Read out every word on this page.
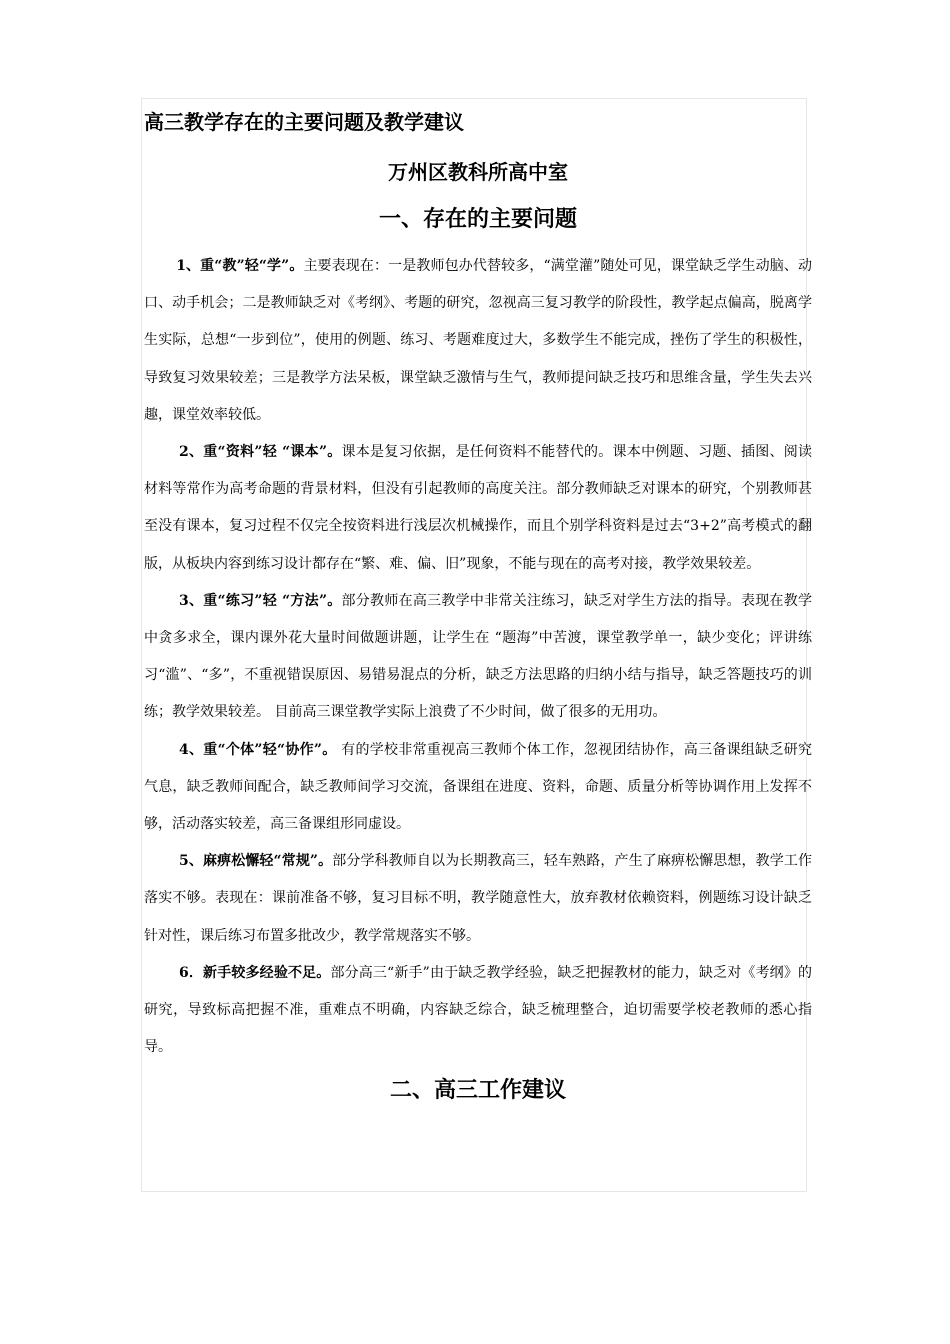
高三教学存在的主要问题及教学建议
万州区教科所高中室
一、存在的主要问题

1、重“教”轻“学”。主要表现在：一是教师包办代替较多，“满堂灌”随处可见，课堂缺乏学生动脑、动口、动手机会；二是教师缺乏对《考纲》、考题的研究，忽视高三复习教学的阶段性，教学起点偏高，脱离学生实际，总想“一步到位”，使用的例题、练习、考题难度过大，多数学生不能完成，挫伤了学生的积极性，导致复习效果较差；三是教学方法呆板，课堂缺乏激情与生气，教师提问缺乏技巧和思维含量，学生失去兴趣，课堂效率较低。

2、重“资料”轻 “课本”。课本是复习依据，是任何资料不能替代的。课本中例题、习题、插图、阅读材料等常作为高考命题的背景材料，但没有引起教师的高度关注。部分教师缺乏对课本的研究，个别教师甚至没有课本，复习过程不仅完全按资料进行浅层次机械操作，而且个别学科资料是过去“3+2”高考模式的翻版，从板块内容到练习设计都存在“繁、难、偏、旧”现象，不能与现在的高考对接，教学效果较差。

3、重“练习”轻 “方法”。部分教师在高三教学中非常关注练习，缺乏对学生方法的指导。表现在教学中贪多求全，课内课外花大量时间做题讲题，让学生在 “题海”中苦渡，课堂教学单一，缺少变化；评讲练习“滥”、“多”，不重视错误原因、易错易混点的分析，缺乏方法思路的归纳小结与指导，缺乏答题技巧的训练；教学效果较差。 目前高三课堂教学实际上浪费了不少时间，做了很多的无用功。

4、重“个体”轻“协作”。 有的学校非常重视高三教师个体工作，忽视团结协作，高三备课组缺乏研究气息，缺乏教师间配合，缺乏教师间学习交流，备课组在进度、资料，命题、质量分析等协调作用上发挥不够，活动落实较差，高三备课组形同虚设。

5、麻痹松懈轻“常规”。部分学科教师自以为长期教高三，轻车熟路，产生了麻痹松懈思想，教学工作落实不够。表现在：课前准备不够，复习目标不明，教学随意性大，放弃教材依赖资料，例题练习设计缺乏针对性，课后练习布置多批改少，教学常规落实不够。

6．新手较多经验不足。部分高三“新手”由于缺乏教学经验，缺乏把握教材的能力，缺乏对《考纲》的研究，导致标高把握不准，重难点不明确，内容缺乏综合，缺乏梳理整合，迫切需要学校老教师的悉心指导。

二、高三工作建议
